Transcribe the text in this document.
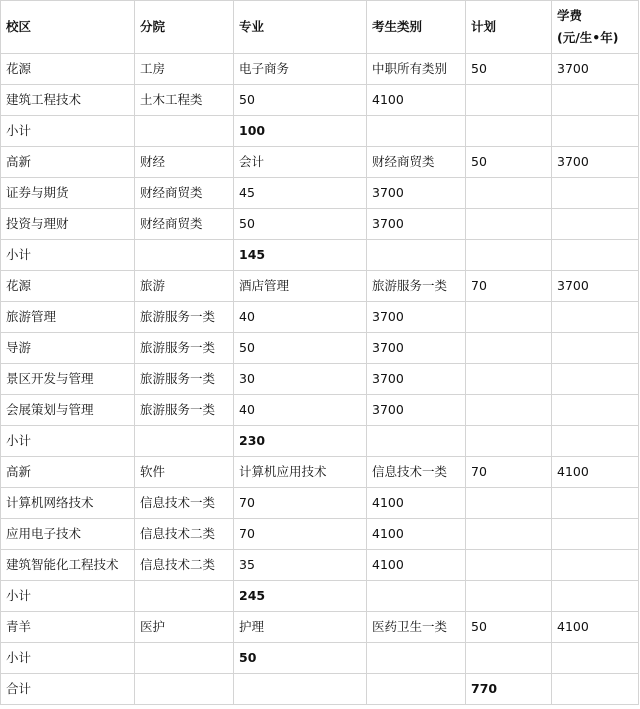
校区	分院	专业	考生类别	计划	学费
(元/生•年)
花源	工房	电子商务	中职所有类别	50	3700
建筑工程技术	土木工程类	50	4100		
小计		100			
高新	财经	会计	财经商贸类	50	3700
证券与期货	财经商贸类	45	3700		
投资与理财	财经商贸类	50	3700		
小计		145			
花源	旅游	酒店管理	旅游服务一类	70	3700
旅游管理	旅游服务一类	40	3700		
导游	旅游服务一类	50	3700		
景区开发与管理	旅游服务一类	30	3700		
会展策划与管理	旅游服务一类	40	3700		
小计		230			
高新	软件	计算机应用技术	信息技术一类	70	4100
计算机网络技术	信息技术一类	70	4100		
应用电子技术	信息技术二类	70	4100		
建筑智能化工程技术	信息技术二类	35	4100		
小计		245			
青羊	医护	护理	医药卫生一类	50	4100
小计		50			
合计				770	
